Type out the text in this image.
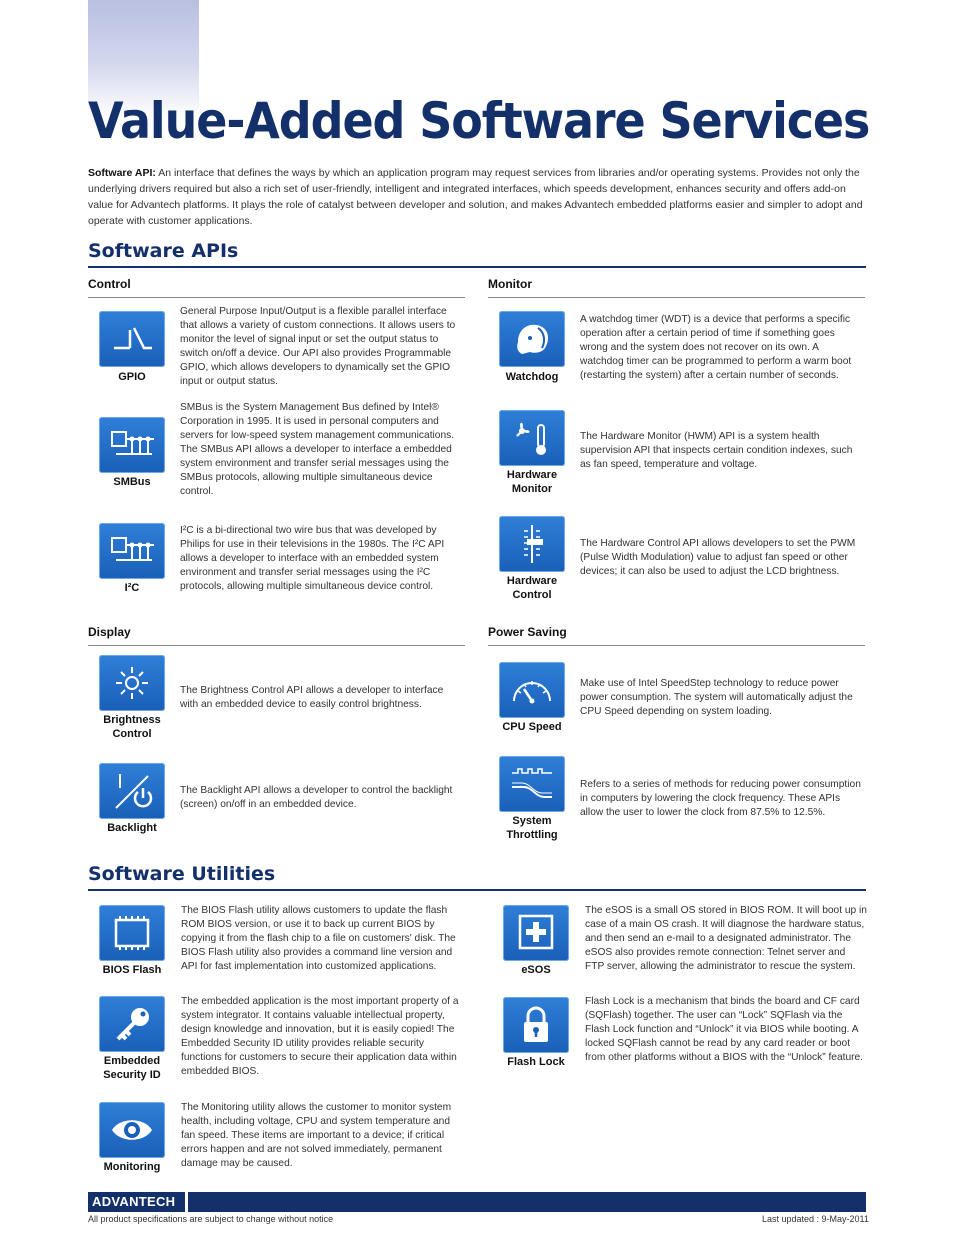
Value-Added Software Services

Software API: An interface that defines the ways by which an application program may request services from libraries and/or operating systems. Provides not only the underlying drivers required but also a rich set of user-friendly, intelligent and integrated interfaces, which speeds development, enhances security and offers add-on value for Advantech platforms. It plays the role of catalyst between developer and solution, and makes Advantech embedded platforms easier and simpler to adopt and operate with customer applications.

Software APIs
Control	Monitor
GPIO
General Purpose Input/Output is a flexible parallel interface that allows a variety of custom connections. It allows users to monitor the level of signal input or set the output status to switch on/off a device. Our API also provides Programmable GPIO, which allows developers to dynamically set the GPIO input or output status.
SMBus
SMBus is the System Management Bus defined by Intel® Corporation in 1995. It is used in personal computers and servers for low-speed system management communications. The SMBus API allows a developer to interface a embedded system environment and transfer serial messages using the SMBus protocols, allowing multiple simultaneous device control.
I²C
I²C is a bi-directional two wire bus that was developed by Philips for use in their televisions in the 1980s. The I²C API allows a developer to interface with an embedded system environment and transfer serial messages using the I²C protocols, allowing multiple simultaneous device control.
Watchdog
A watchdog timer (WDT) is a device that performs a specific operation after a certain period of time if something goes wrong and the system does not recover on its own. A watchdog timer can be programmed to perform a warm boot (restarting the system) after a certain number of seconds.
Hardware Monitor
The Hardware Monitor (HWM) API is a system health supervision API that inspects certain condition indexes, such as fan speed, temperature and voltage.
Hardware Control
The Hardware Control API allows developers to set the PWM (Pulse Width Modulation) value to adjust fan speed or other devices; it can also be used to adjust the LCD brightness.
Display	Power Saving
Brightness Control
The Brightness Control API allows a developer to interface with an embedded device to easily control brightness.
Backlight
The Backlight API allows a developer to control the backlight (screen) on/off in an embedded device.
CPU Speed
Make use of Intel SpeedStep technology to reduce power power consumption. The system will automatically adjust the CPU Speed depending on system loading.
System Throttling
Refers to a series of methods for reducing power consumption in computers by lowering the clock frequency. These APIs allow the user to lower the clock from 87.5% to 12.5%.
Software Utilities
BIOS Flash
The BIOS Flash utility allows customers to update the flash ROM BIOS version, or use it to back up current BIOS by copying it from the flash chip to a file on customers' disk. The BIOS Flash utility also provides a command line version and API for fast implementation into customized applications.
Embedded Security ID
The embedded application is the most important property of a system integrator. It contains valuable intellectual property, design knowledge and innovation, but it is easily copied! The Embedded Security ID utility provides reliable security functions for customers to secure their application data within embedded BIOS.
Monitoring
The Monitoring utility allows the customer to monitor system health, including voltage, CPU and system temperature and fan speed. These items are important to a device; if critical errors happen and are not solved immediately, permanent damage may be caused.
eSOS
The eSOS is a small OS stored in BIOS ROM. It will boot up in case of a main OS crash. It will diagnose the hardware status, and then send an e-mail to a designated administrator. The eSOS also provides remote connection: Telnet server and FTP server, allowing the administrator to rescue the system.
Flash Lock
Flash Lock is a mechanism that binds the board and CF card (SQFlash) together. The user can “Lock” SQFlash via the Flash Lock function and “Unlock” it via BIOS while booting. A locked SQFlash cannot be read by any card reader or boot from other platforms without a BIOS with the “Unlock” feature.
ADVANTECH
All product specifications are subject to change without notice	Last updated : 9-May-2011
